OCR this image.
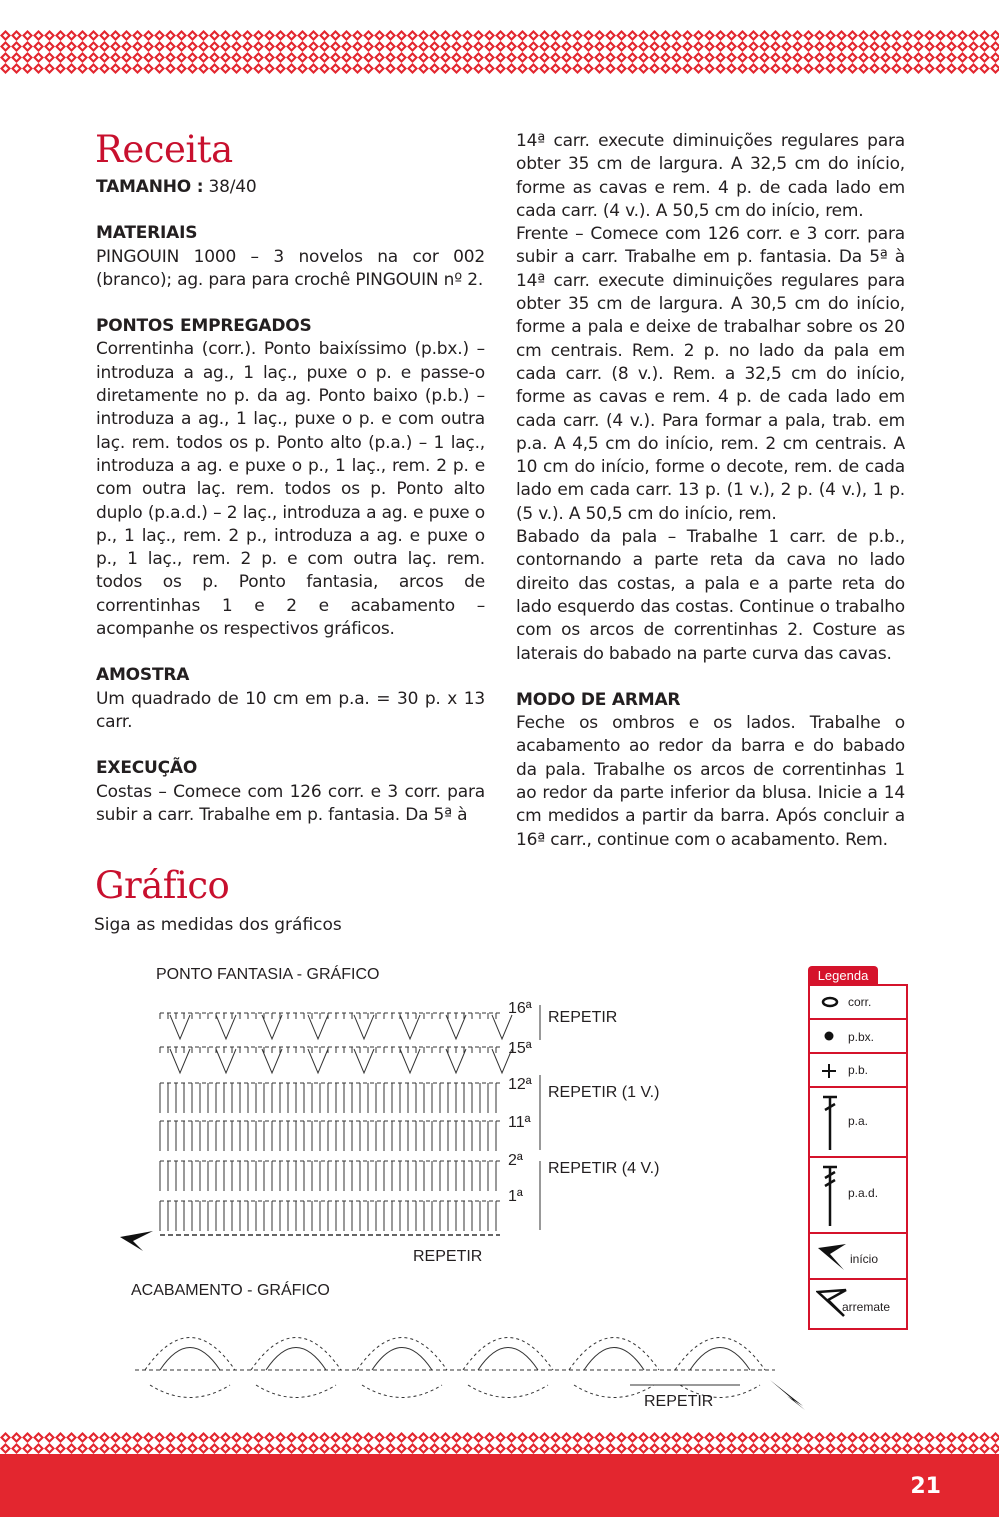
Receita

TAMANHO : 38/40

MATERIAIS

PINGOUIN 1000 – 3 novelos na cor 002 (branco); ag. para para crochê PINGOUIN nº 2.

PONTOS EMPREGADOS

Correntinha (corr.). Ponto baixíssimo (p.bx.) – introduza a ag., 1 laç., puxe o p. e passe-o diretamente no p. da ag. Ponto baixo (p.b.) – introduza a ag., 1 laç., puxe o p. e com outra laç. rem. todos os p. Ponto alto (p.a.) – 1 laç., introduza a ag. e puxe o p., 1 laç., rem. 2 p. e com outra laç. rem. todos os p. Ponto alto duplo (p.a.d.) – 2 laç., introduza a ag. e puxe o p., 1 laç., rem. 2 p., introduza a ag. e puxe o p., 1 laç., rem. 2 p. e com outra laç. rem. todos os p. Ponto fantasia, arcos de correntinhas 1 e 2 e acabamento – acompanhe os respectivos gráficos.

AMOSTRA

Um quadrado de 10 cm em p.a. = 30 p. x 13 carr.

EXECUÇÃO

Costas – Comece com 126 corr. e 3 corr. para subir a carr. Trabalhe em p. fantasia. Da 5ª à

14ª carr. execute diminuições regulares para obter 35 cm de largura. A 32,5 cm do início, forme as cavas e rem. 4 p. de cada lado em cada carr. (4 v.). A 50,5 cm do início, rem.

Frente – Comece com 126 corr. e 3 corr. para subir a carr. Trabalhe em p. fantasia. Da 5ª à 14ª carr. execute diminuições regulares para obter 35 cm de largura. A 30,5 cm do início, forme a pala e deixe de trabalhar sobre os 20 cm centrais. Rem. 2 p. no lado da pala em cada carr. (8 v.). Rem. a 32,5 cm do início, forme as cavas e rem. 4 p. de cada lado em cada carr. (4 v.). Para formar a pala, trab. em p.a. A 4,5 cm do início, rem. 2 cm centrais. A 10 cm do início, forme o decote, rem. de cada lado em cada carr. 13 p. (1 v.), 2 p. (4 v.), 1 p. (5 v.). A 50,5 cm do início, rem.

Babado da pala – Trabalhe 1 carr. de p.b., contornando a parte reta da cava no lado direito das costas, a pala e a parte reta do lado esquerdo das costas. Continue o trabalho com os arcos de correntinhas 2. Costure as laterais do babado na parte curva das cavas.

MODO DE ARMAR

Feche os ombros e os lados. Trabalhe o acabamento ao redor da barra e do babado da pala. Trabalhe os arcos de correntinhas 1 ao redor da parte inferior da blusa. Inicie a 14 cm medidos a partir da barra. Após concluir a 16ª carr., continue com o acabamento. Rem.

Gráfico
Siga as medidas dos gráficos
PONTO FANTASIA - GRÁFICO
16ª
15ª
12ª
11ª
2ª
1ª
REPETIR
REPETIR (1 V.)
REPETIR (4 V.)
REPETIR
ACABAMENTO - GRÁFICO
REPETIR
Legenda
corr.
p.bx.
p.b.
p.a.
p.a.d.
início
arremate
21
